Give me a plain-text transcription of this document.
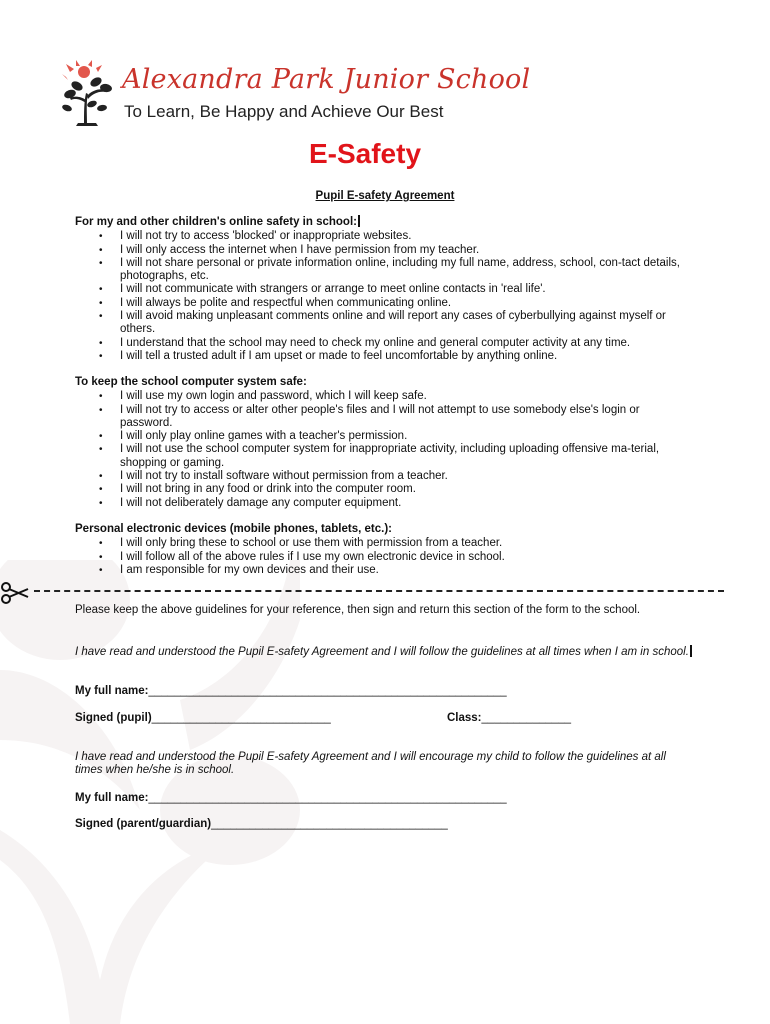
Alexandra Park Junior School
To Learn, Be Happy and Achieve Our Best
E-Safety
Pupil E-safety Agreement
For my and other children's online safety in school:
• I will not try to access 'blocked' or inappropriate websites.
• I will only access the internet when I have permission from my teacher.
• I will not share personal or private information online, including my full name, address, school, con-tact details, photographs, etc.
• I will not communicate with strangers or arrange to meet online contacts in 'real life'.
• I will always be polite and respectful when communicating online.
• I will avoid making unpleasant comments online and will report any cases of cyberbullying against myself or others.
• I understand that the school may need to check my online and general computer activity at any time.
• I will tell a trusted adult if I am upset or made to feel uncomfortable by anything online.
To keep the school computer system safe:
• I will use my own login and password, which I will keep safe.
• I will not try to access or alter other people's files and I will not attempt to use somebody else's login or password.
• I will only play online games with a teacher's permission.
• I will not use the school computer system for inappropriate activity, including uploading offensive ma-terial, shopping or gaming.
• I will not try to install software without permission from a teacher.
• I will not bring in any food or drink into the computer room.
• I will not deliberately damage any computer equipment.
Personal electronic devices (mobile phones, tablets, etc.):
• I will only bring these to school or use them with permission from a teacher.
• I will follow all of the above rules if I use my own electronic device in school.
• I am responsible for my own devices and their use.
Please keep the above guidelines for your reference, then sign and return this section of the form to the school.
I have read and understood the Pupil E-safety Agreement and I will follow the guidelines at all times when I am in school.
My full name:________________________________________________________
Signed (pupil)____________________________	Class:______________
I have read and understood the Pupil E-safety Agreement and I will encourage my child to follow the guidelines at all times when he/she is in school.
My full name:________________________________________________________
Signed (parent/guardian)_____________________________________
